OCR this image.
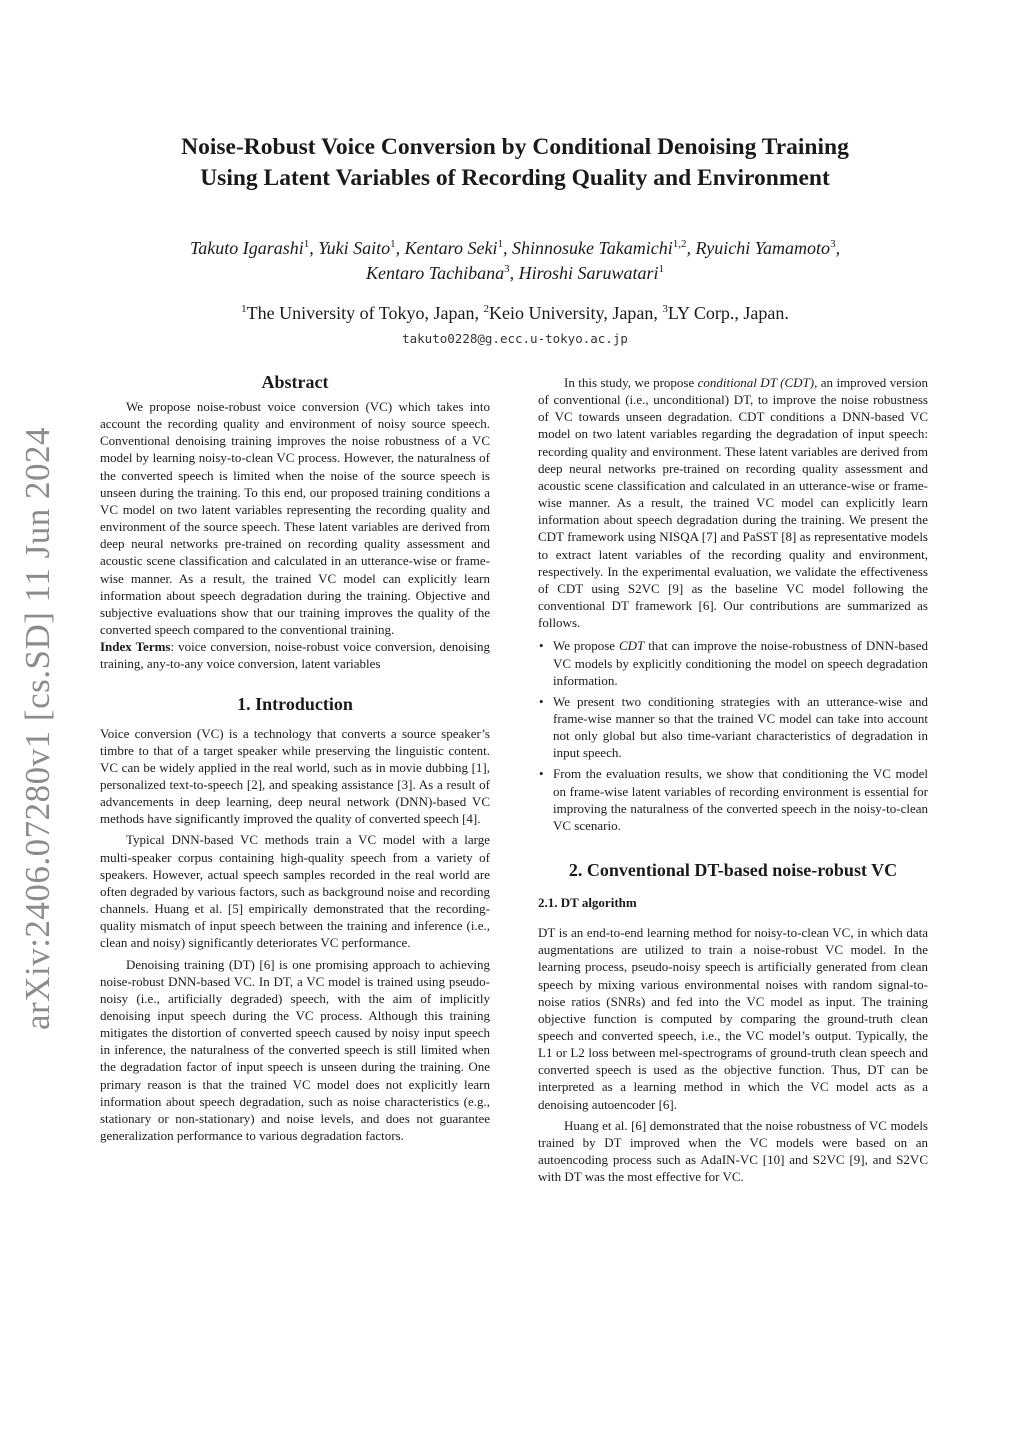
arXiv:2406.07280v1 [cs.SD] 11 Jun 2024
Noise-Robust Voice Conversion by Conditional Denoising Training
Using Latent Variables of Recording Quality and Environment
Takuto Igarashi$^1$, Yuki Saito$^1$, Kentaro Seki$^1$, Shinnosuke Takamichi$^{1,2}$, Ryuichi Yamamoto$^3$,
Kentaro Tachibana$^3$, Hiroshi Saruwatari$^1$
$^1$The University of Tokyo, Japan, $^2$Keio University, Japan, $^3$LY Corp., Japan.
takuto0228@g.ecc.u-tokyo.ac.jp
Abstract

We propose noise-robust voice conversion (VC) which takes into account the recording quality and environment of noisy source speech. Conventional denoising training improves the noise robustness of a VC model by learning noisy-to-clean VC process. However, the naturalness of the converted speech is limited when the noise of the source speech is unseen during the training. To this end, our proposed training conditions a VC model on two latent variables representing the recording quality and environment of the source speech. These latent variables are derived from deep neural networks pre-trained on recording quality assessment and acoustic scene classification and calculated in an utterance-wise or frame-wise manner. As a result, the trained VC model can explicitly learn information about speech degradation during the training. Objective and subjective evaluations show that our training improves the quality of the converted speech compared to the conventional training.

Index Terms: voice conversion, noise-robust voice conversion, denoising training, any-to-any voice conversion, latent variables

1. Introduction

Voice conversion (VC) is a technology that converts a source speaker’s timbre to that of a target speaker while preserving the linguistic content. VC can be widely applied in the real world, such as in movie dubbing [1], personalized text-to-speech [2], and speaking assistance [3]. As a result of advancements in deep learning, deep neural network (DNN)-based VC methods have significantly improved the quality of converted speech [4].

Typical DNN-based VC methods train a VC model with a large multi-speaker corpus containing high-quality speech from a variety of speakers. However, actual speech samples recorded in the real world are often degraded by various factors, such as background noise and recording channels. Huang et al. [5] empirically demonstrated that the recording-quality mismatch of input speech between the training and inference (i.e., clean and noisy) significantly deteriorates VC performance.

Denoising training (DT) [6] is one promising approach to achieving noise-robust DNN-based VC. In DT, a VC model is trained using pseudo-noisy (i.e., artificially degraded) speech, with the aim of implicitly denoising input speech during the VC process. Although this training mitigates the distortion of converted speech caused by noisy input speech in inference, the naturalness of the converted speech is still limited when the degradation factor of input speech is unseen during the training. One primary reason is that the trained VC model does not explicitly learn information about speech degradation, such as noise characteristics (e.g., stationary or non-stationary) and noise levels, and does not guarantee generalization performance to various degradation factors.

In this study, we propose conditional DT (CDT), an improved version of conventional (i.e., unconditional) DT, to improve the noise robustness of VC towards unseen degradation. CDT conditions a DNN-based VC model on two latent variables regarding the degradation of input speech: recording quality and environment. These latent variables are derived from deep neural networks pre-trained on recording quality assessment and acoustic scene classification and calculated in an utterance-wise or frame-wise manner. As a result, the trained VC model can explicitly learn information about speech degradation during the training. We present the CDT framework using NISQA [7] and PaSST [8] as representative models to extract latent variables of the recording quality and environment, respectively. In the experimental evaluation, we validate the effectiveness of CDT using S2VC [9] as the baseline VC model following the conventional DT framework [6]. Our contributions are summarized as follows.

• We propose CDT that can improve the noise-robustness of DNN-based VC models by explicitly conditioning the model on speech degradation information.
• We present two conditioning strategies with an utterance-wise and frame-wise manner so that the trained VC model can take into account not only global but also time-variant characteristics of degradation in input speech.
• From the evaluation results, we show that conditioning the VC model on frame-wise latent variables of recording environment is essential for improving the naturalness of the converted speech in the noisy-to-clean VC scenario.
2. Conventional DT-based noise-robust VC
2.1. DT algorithm

DT is an end-to-end learning method for noisy-to-clean VC, in which data augmentations are utilized to train a noise-robust VC model. In the learning process, pseudo-noisy speech is artificially generated from clean speech by mixing various environmental noises with random signal-to-noise ratios (SNRs) and fed into the VC model as input. The training objective function is computed by comparing the ground-truth clean speech and converted speech, i.e., the VC model’s output. Typically, the L1 or L2 loss between mel-spectrograms of ground-truth clean speech and converted speech is used as the objective function. Thus, DT can be interpreted as a learning method in which the VC model acts as a denoising autoencoder [6].

Huang et al. [6] demonstrated that the noise robustness of VC models trained by DT improved when the VC models were based on an autoencoding process such as AdaIN-VC [10] and S2VC [9], and S2VC with DT was the most effective for VC.
